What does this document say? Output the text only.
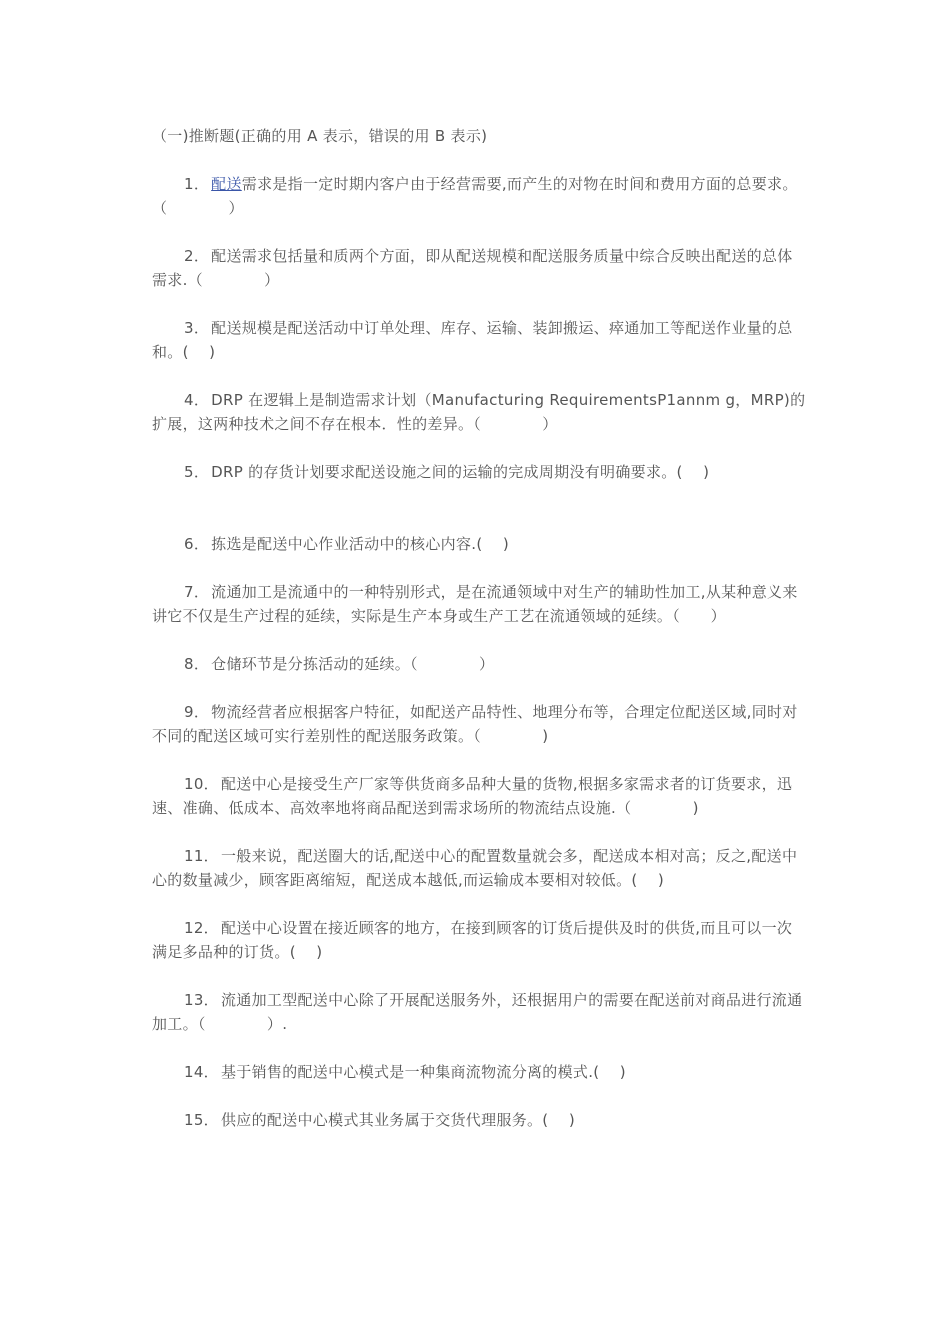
（一)推断题(正确的用 A 表示，错误的用 B 表示)

1． 配送需求是指一定时期内客户由于经营需要,而产生的对物在时间和费用方面的总要求。（　　　　）

2． 配送需求包括量和质两个方面，即从配送规模和配送服务质量中综合反映出配送的总体需求.（　　　　）

3． 配送规模是配送活动中订单处理、库存、运输、装卸搬运、瘁通加工等配送作业量的总和。(　 )

4． DRP 在逻辑上是制造需求计划（Manufacturing RequirementsP1annm g，MRP)的扩展，这两种技术之间不存在根本．性的差异。（　　　　）

5． DRP 的存货计划要求配送设施之间的运输的完成周期没有明确要求。(　 )

6． 拣选是配送中心作业活动中的核心内容.(　 )

7． 流通加工是流通中的一种特别形式，是在流通领域中对生产的辅助性加工,从某种意义来讲它不仅是生产过程的延续，实际是生产本身或生产工艺在流通领域的延续。（　　）

8． 仓储环节是分拣活动的延续。（　　　　）

9． 物流经营者应根据客户特征，如配送产品特性、地理分布等，合理定位配送区域,同时对不同的配送区域可实行差别性的配送服务政策。（　　　　)

10． 配送中心是接受生产厂家等供货商多品种大量的货物,根据多家需求者的订货要求，迅速、准确、低成本、高效率地将商品配送到需求场所的物流结点设施.（　　　　)

11． 一般来说，配送圈大的话,配送中心的配置数量就会多，配送成本相对高；反之,配送中心的数量减少，顾客距离缩短，配送成本越低,而运输成本要相对较低。(　 )

12． 配送中心设置在接近顾客的地方，在接到顾客的订货后提供及时的供货,而且可以一次满足多品种的订货。(　 )

13． 流通加工型配送中心除了开展配送服务外，还根据用户的需要在配送前对商品进行流通加工。（　　　　）.

14． 基于销售的配送中心模式是一种集商流物流分离的模式.(　 )

15． 供应的配送中心模式其业务属于交货代理服务。(　 )
